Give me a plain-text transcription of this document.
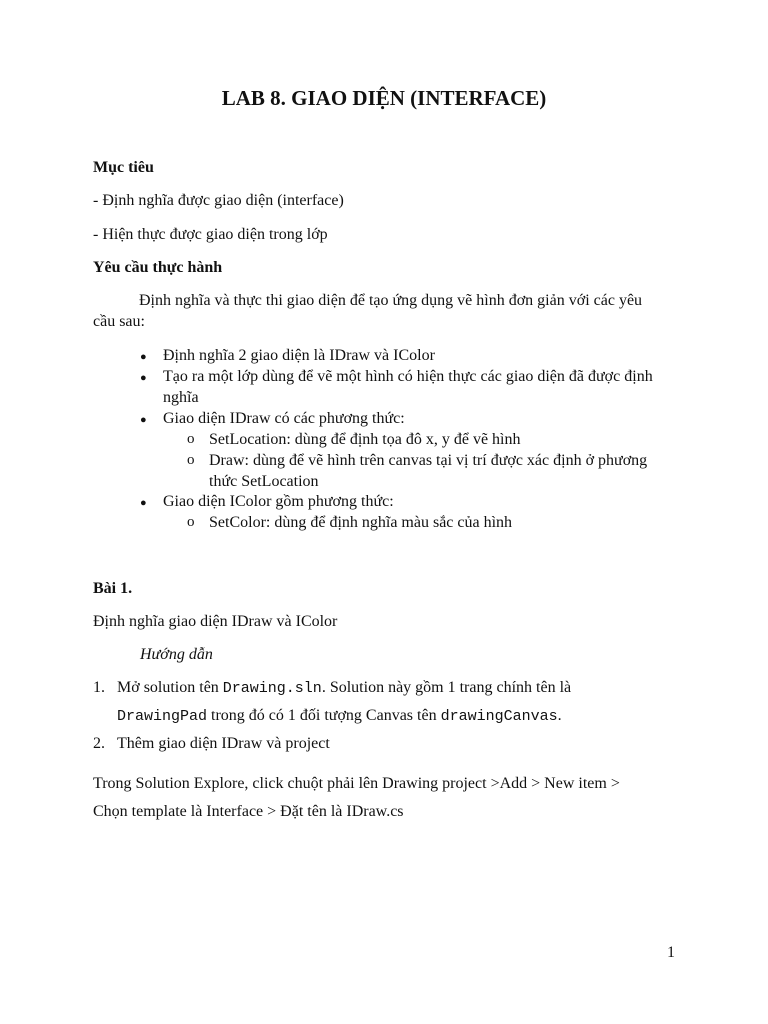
LAB 8. GIAO DIỆN (INTERFACE)
Mục tiêu
- Định nghĩa được giao diện (interface)
- Hiện thực được giao diện trong lớp
Yêu cầu thực hành
Định nghĩa và thực thi giao diện để tạo ứng dụng vẽ hình đơn giản với các yêu
cầu sau:
● Định nghĩa 2 giao diện là IDraw và IColor
● Tạo ra một lớp dùng để vẽ một hình có hiện thực các giao diện đã được định
nghĩa
● Giao diện IDraw có các phương thức:
o SetLocation: dùng để định tọa đô x, y để vẽ hình
o Draw: dùng để vẽ hình trên canvas tại vị trí được xác định ở phương
thức SetLocation
● Giao diện IColor gồm phương thức:
o SetColor: dùng để định nghĩa màu sắc của hình
Bài 1.
Định nghĩa giao diện IDraw và IColor
Hướng dẫn
1. Mở solution tên Drawing.sln. Solution này gồm 1 trang chính tên là
DrawingPad trong đó có 1 đối tượng Canvas tên drawingCanvas.
2. Thêm giao diện IDraw và project
Trong Solution Explore, click chuột phải lên Drawing project >Add > New item >
Chọn template là Interface > Đặt tên là IDraw.cs
1
